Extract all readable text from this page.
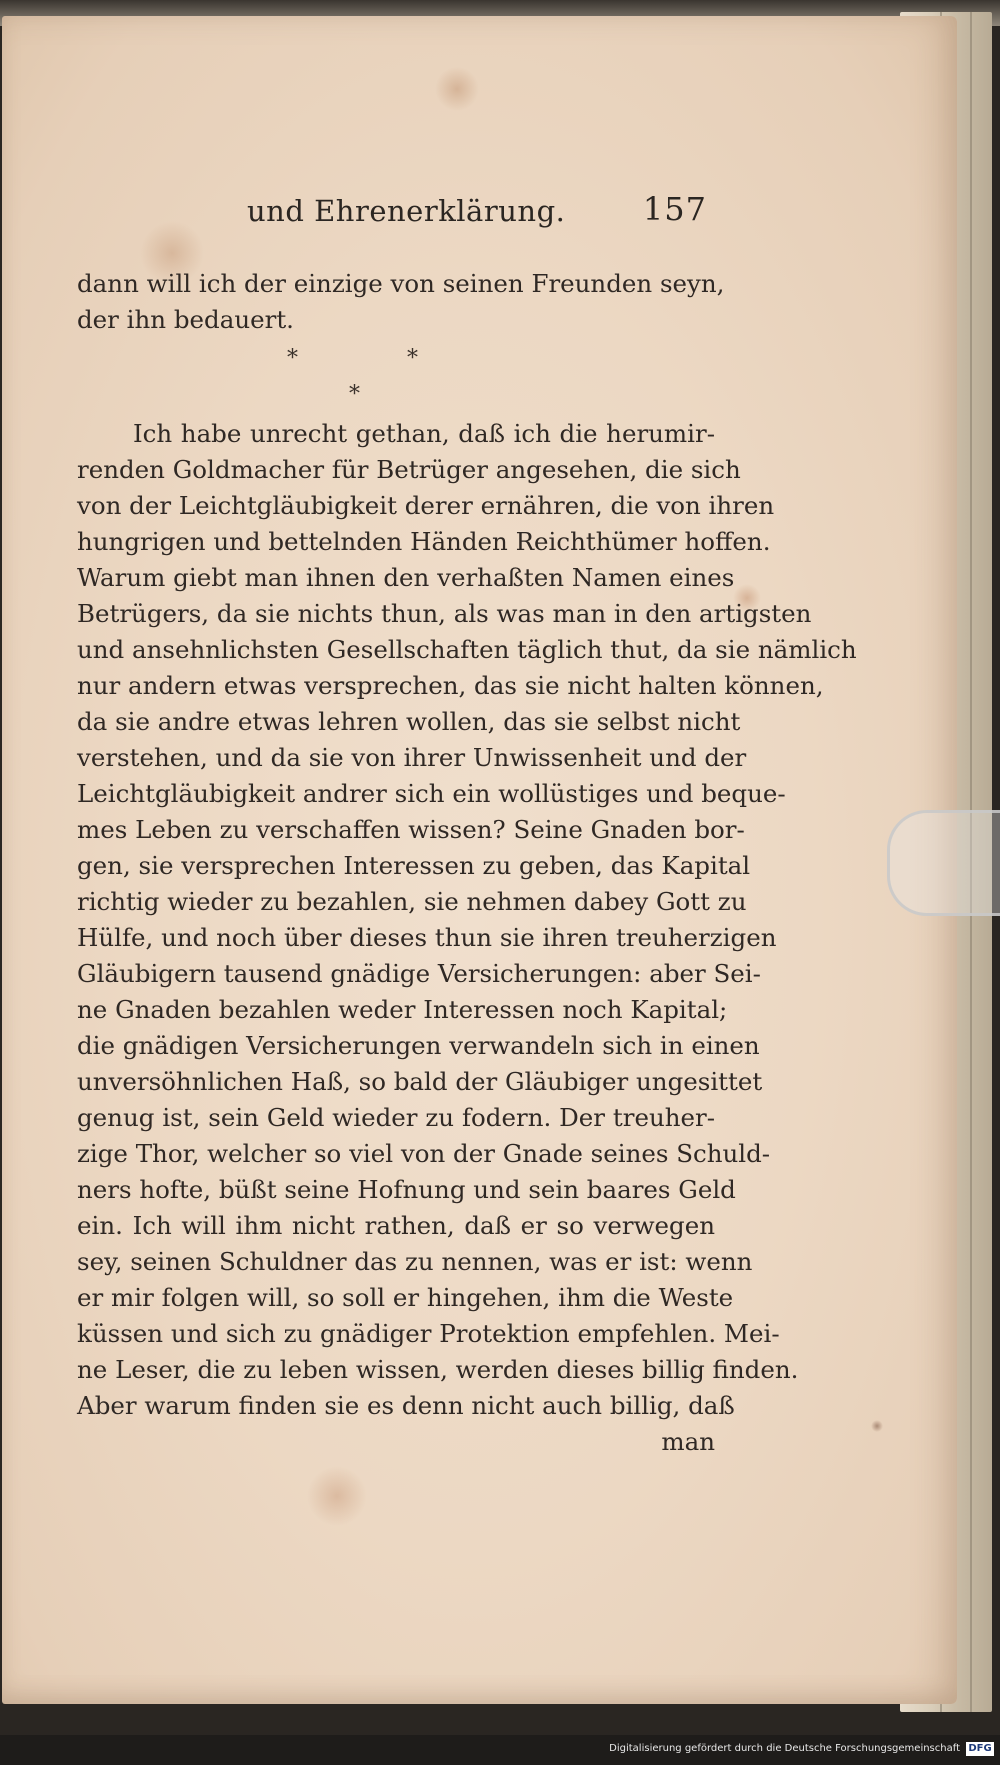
und Ehrenerklärung. 157
dann will ich der einzige von seinen Freunden seyn,
der ihn bedauert.
*	*
*
Ich habe unrecht gethan, daß ich die herumir-
renden Goldmacher für Betrüger angesehen, die sich
von der Leichtgläubigkeit derer ernähren, die von ihren
hungrigen und bettelnden Händen Reichthümer hoffen.
Warum giebt man ihnen den verhaßten Namen eines
Betrügers, da sie nichts thun, als was man in den artigsten
und ansehnlichsten Gesellschaften täglich thut, da sie nämlich
nur andern etwas versprechen, das sie nicht halten können,
da sie andre etwas lehren wollen, das sie selbst nicht
verstehen, und da sie von ihrer Unwissenheit und der
Leichtgläubigkeit andrer sich ein wollüstiges und beque-
mes Leben zu verschaffen wissen? Seine Gnaden bor-
gen, sie versprechen Interessen zu geben, das Kapital
richtig wieder zu bezahlen, sie nehmen dabey Gott zu
Hülfe, und noch über dieses thun sie ihren treuherzigen
Gläubigern tausend gnädige Versicherungen: aber Sei-
ne Gnaden bezahlen weder Interessen noch Kapital;
die gnädigen Versicherungen verwandeln sich in einen
unversöhnlichen Haß, so bald der Gläubiger ungesittet
genug ist, sein Geld wieder zu fodern. Der treuher-
zige Thor, welcher so viel von der Gnade seines Schuld-
ners hofte, büßt seine Hofnung und sein baares Geld
ein. Ich will ihm nicht rathen, daß er so verwegen
sey, seinen Schuldner das zu nennen, was er ist: wenn
er mir folgen will, so soll er hingehen, ihm die Weste
küssen und sich zu gnädiger Protektion empfehlen. Mei-
ne Leser, die zu leben wissen, werden dieses billig finden.
Aber warum finden sie es denn nicht auch billig, daß
man
Digitalisierung gefördert durch die Deutsche Forschungsgemeinschaft DFG
